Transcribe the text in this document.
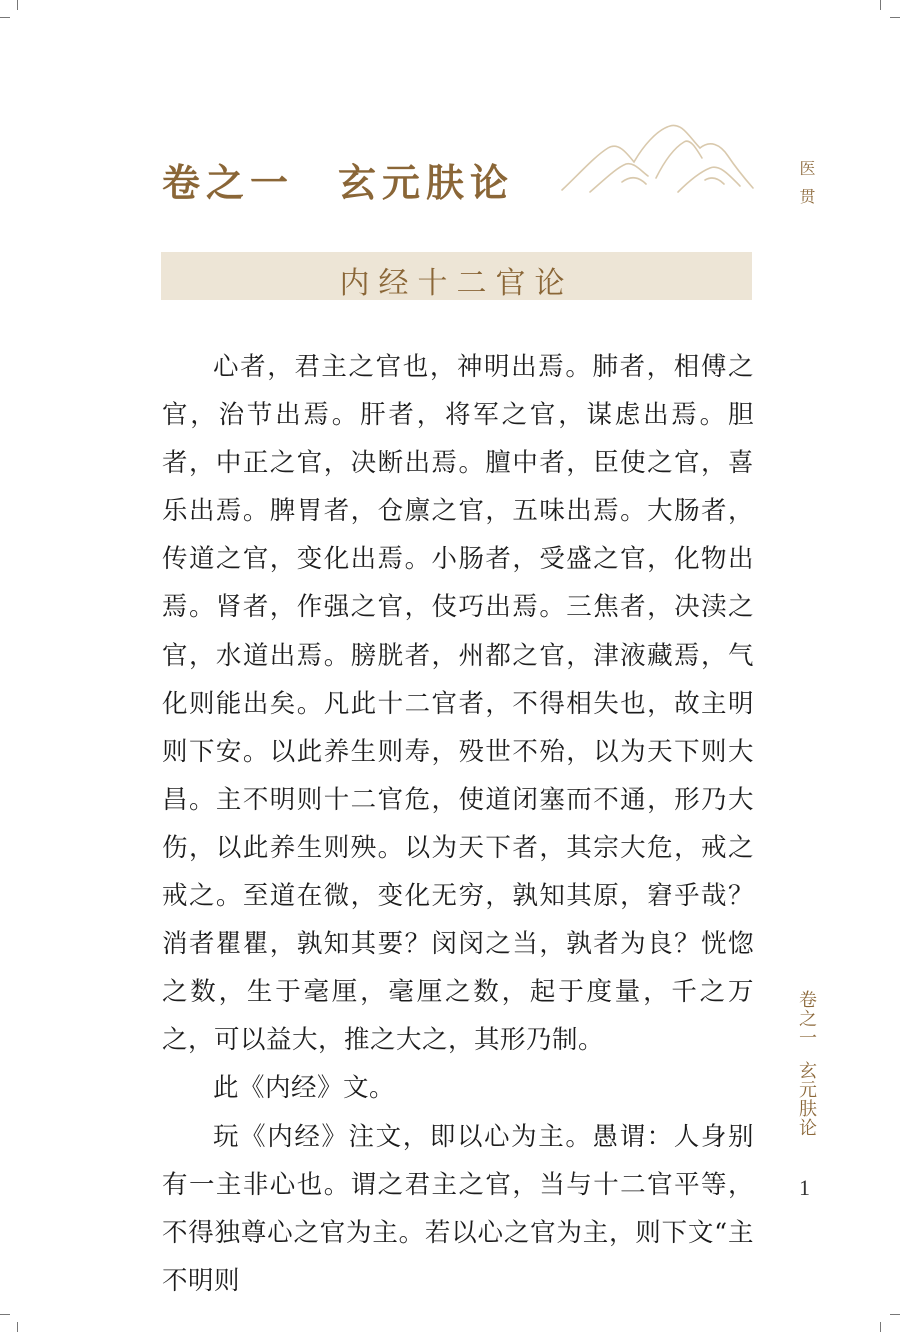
卷之一　玄元肤论
内经十二官论

心者，君主之官也，神明出焉。肺者，相傅之官，治节出焉。肝者，将军之官，谋虑出焉。胆者，中正之官，决断出焉。膻中者，臣使之官，喜乐出焉。脾胃者，仓廪之官，五味出焉。大肠者，传道之官，变化出焉。小肠者，受盛之官，化物出焉。肾者，作强之官，伎巧出焉。三焦者，决渎之官，水道出焉。膀胱者，州都之官，津液藏焉，气化则能出矣。凡此十二官者，不得相失也，故主明则下安。以此养生则寿，殁世不殆，以为天下则大昌。主不明则十二官危，使道闭塞而不通，形乃大伤，以此养生则殃。以为天下者，其宗大危，戒之戒之。至道在微，变化无穷，孰知其原，窘乎哉？消者瞿瞿，孰知其要？闵闵之当，孰者为良？恍惚之数，生于毫厘，毫厘之数，起于度量，千之万之，可以益大，推之大之，其形乃制。

此《内经》文。

玩《内经》注文，即以心为主。愚谓：人身别有一主非心也。谓之君主之官，当与十二官平等，不得独尊心之官为主。若以心之官为主，则下文“主不明则

医贯
卷之一玄元肤论
1
